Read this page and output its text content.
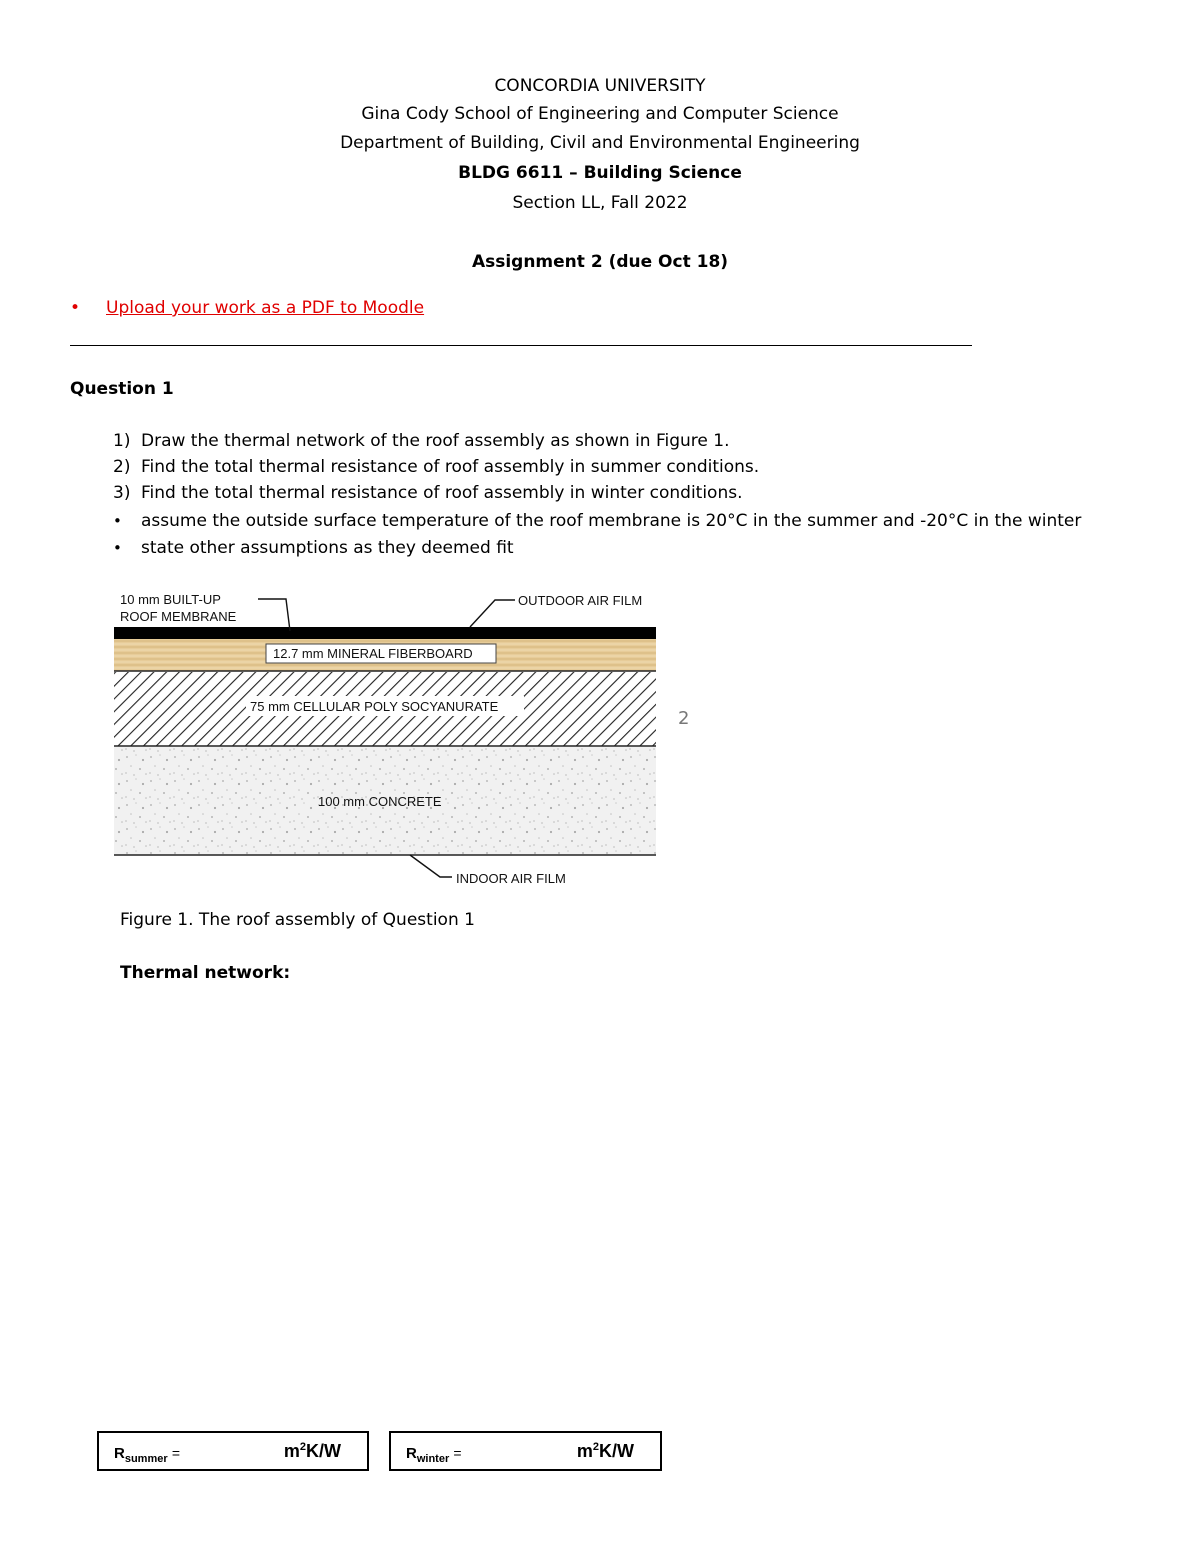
CONCORDIA UNIVERSITY
Gina Cody School of Engineering and Computer Science
Department of Building, Civil and Environmental Engineering
BLDG 6611 – Building Science
Section LL, Fall 2022
Assignment 2 (due Oct 18)
• Upload your work as a PDF to Moodle
Question 1
1) Draw the thermal network of the roof assembly as shown in Figure 1.
2) Find the total thermal resistance of roof assembly in summer conditions.
3) Find the total thermal resistance of roof assembly in winter conditions.
• assume the outside surface temperature of the roof membrane is 20°C in the summer and -20°C in the winter
• state other assumptions as they deemed fit
10 mm BUILT-UP
ROOF MEMBRANE
OUTDOOR AIR FILM
12.7 mm MINERAL FIBERBOARD
75 mm CELLULAR POLY SOCYANURATE
100 mm CONCRETE
INDOOR AIR FILM
2
Figure 1. The roof assembly of Question 1
Thermal network:
$R_{summer}$ =	$m^2K/W$	$R_{winter}$ =	$m^2K/W$
